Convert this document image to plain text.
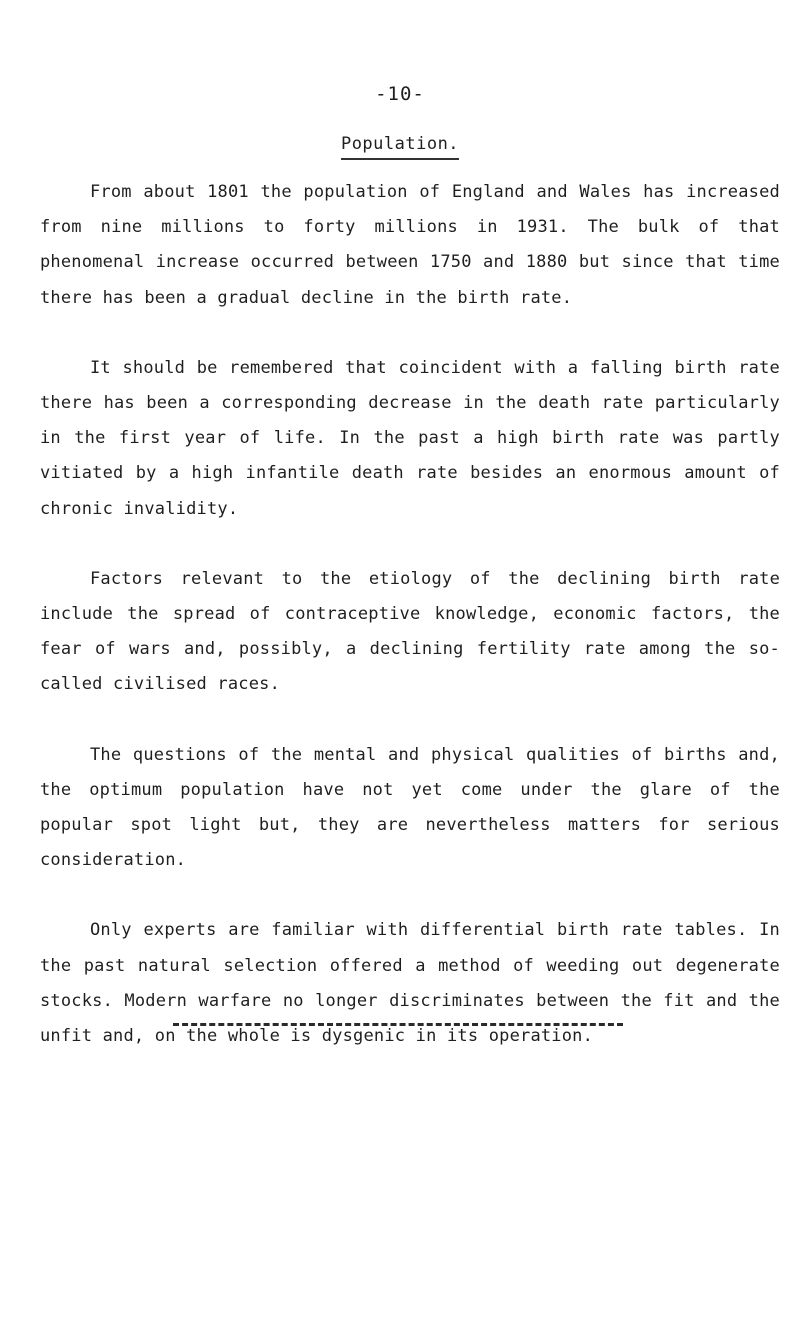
-10-
Population.

From about 1801 the population of England and Wales has increased from nine millions to forty millions in 1931. The bulk of that phenomenal increase occurred between 1750 and 1880 but since that time there has been a gradual decline in the birth rate.

It should be remembered that coincident with a falling birth rate there has been a corresponding decrease in the death rate particularly in the first year of life. In the past a high birth rate was partly vitiated by a high infantile death rate besides an enormous amount of chronic invalidity.

Factors relevant to the etiology of the declining birth rate include the spread of contraceptive knowledge, economic factors, the fear of wars and, possibly, a declining fertility rate among the so-called civilised races.

The questions of the mental and physical qualities of births and, the optimum population have not yet come under the glare of the popular spot light but, they are nevertheless matters for serious consideration.

Only experts are familiar with differential birth rate tables. In the past natural selection offered a method of weeding out degenerate stocks. Modern warfare no longer discriminates between the fit and the unfit and, on the whole is dysgenic in its operation.
